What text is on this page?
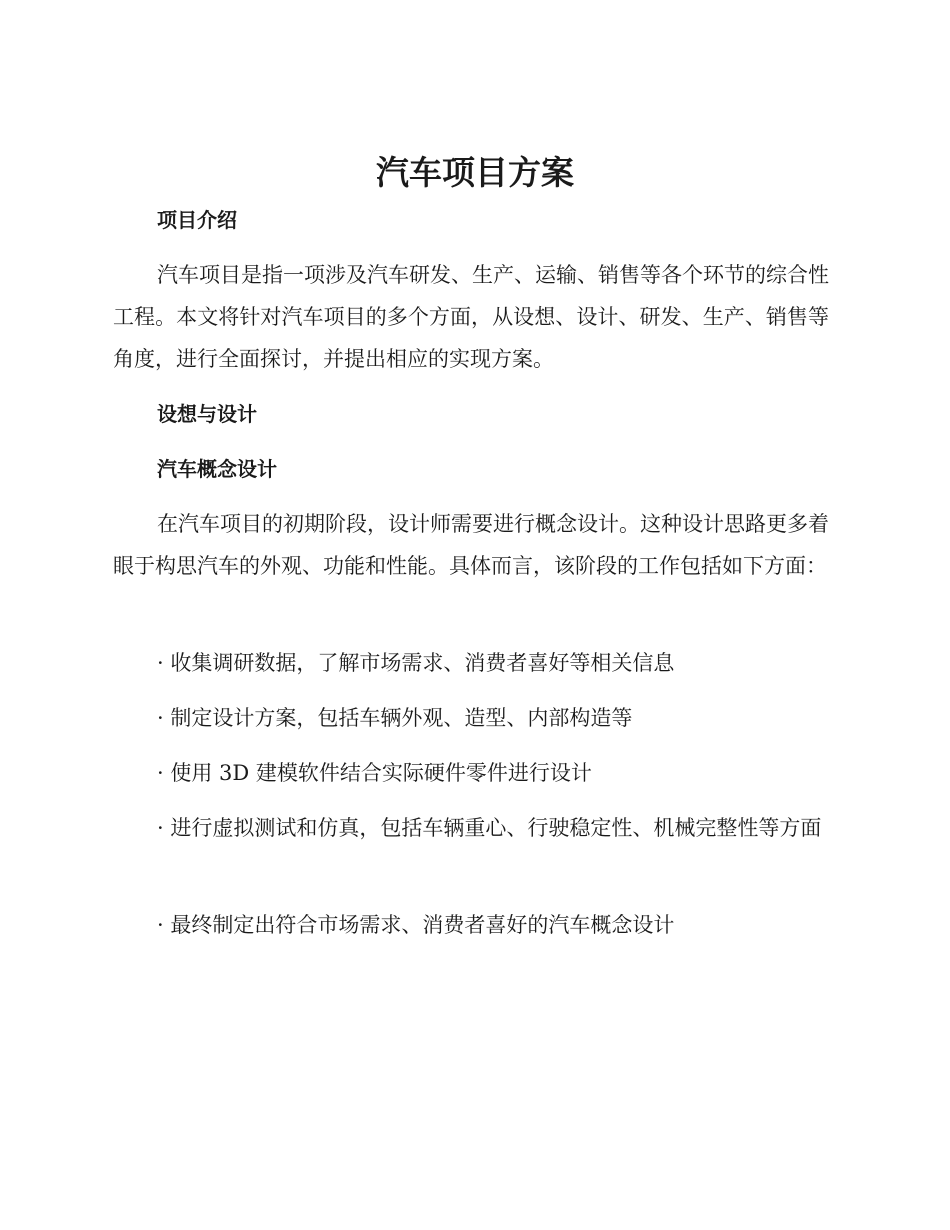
汽车项目方案
项目介绍

汽车项目是指一项涉及汽车研发、生产、运输、销售等各个环节的综合性工程。本文将针对汽车项目的多个方面，从设想、设计、研发、生产、销售等角度，进行全面探讨，并提出相应的实现方案。

设想与设计
汽车概念设计

在汽车项目的初期阶段，设计师需要进行概念设计。这种设计思路更多着眼于构思汽车的外观、功能和性能。具体而言，该阶段的工作包括如下方面：

· 收集调研数据，了解市场需求、消费者喜好等相关信息

· 制定设计方案，包括车辆外观、造型、内部构造等

· 使用 3D 建模软件结合实际硬件零件进行设计

· 进行虚拟测试和仿真，包括车辆重心、行驶稳定性、机械完整性等方面

· 最终制定出符合市场需求、消费者喜好的汽车概念设计
